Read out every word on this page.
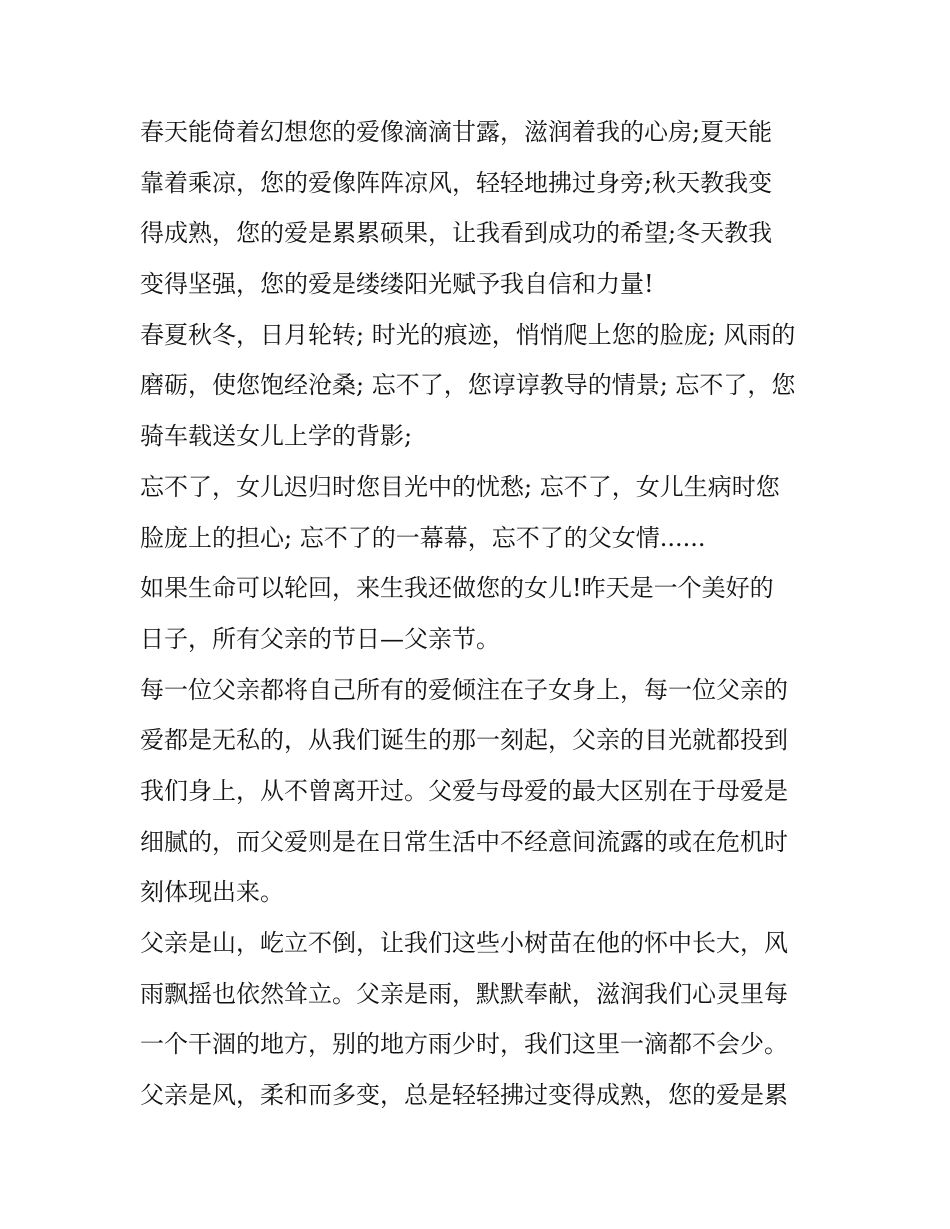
春天能倚着幻想您的爱像滴滴甘露，滋润着我的心房;夏天能
靠着乘凉，您的爱像阵阵凉风，轻轻地拂过身旁;秋天教我变
得成熟，您的爱是累累硕果，让我看到成功的希望;冬天教我
变得坚强，您的爱是缕缕阳光赋予我自信和力量!
春夏秋冬，日月轮转; 时光的痕迹，悄悄爬上您的脸庞; 风雨的
磨砺，使您饱经沧桑; 忘不了，您谆谆教导的情景; 忘不了，您
骑车载送女儿上学的背影;
忘不了，女儿迟归时您目光中的忧愁; 忘不了，女儿生病时您
脸庞上的担心; 忘不了的一幕幕，忘不了的父女情......
如果生命可以轮回，来生我还做您的女儿!昨天是一个美好的
日子，所有父亲的节日—父亲节。
每一位父亲都将自己所有的爱倾注在子女身上，每一位父亲的
爱都是无私的，从我们诞生的那一刻起，父亲的目光就都投到
我们身上，从不曾离开过。父爱与母爱的最大区别在于母爱是
细腻的，而父爱则是在日常生活中不经意间流露的或在危机时
刻体现出来。
父亲是山，屹立不倒，让我们这些小树苗在他的怀中长大，风
雨飘摇也依然耸立。父亲是雨，默默奉献，滋润我们心灵里每
一个干涸的地方，别的地方雨少时，我们这里一滴都不会少。
父亲是风，柔和而多变，总是轻轻拂过变得成熟，您的爱是累
